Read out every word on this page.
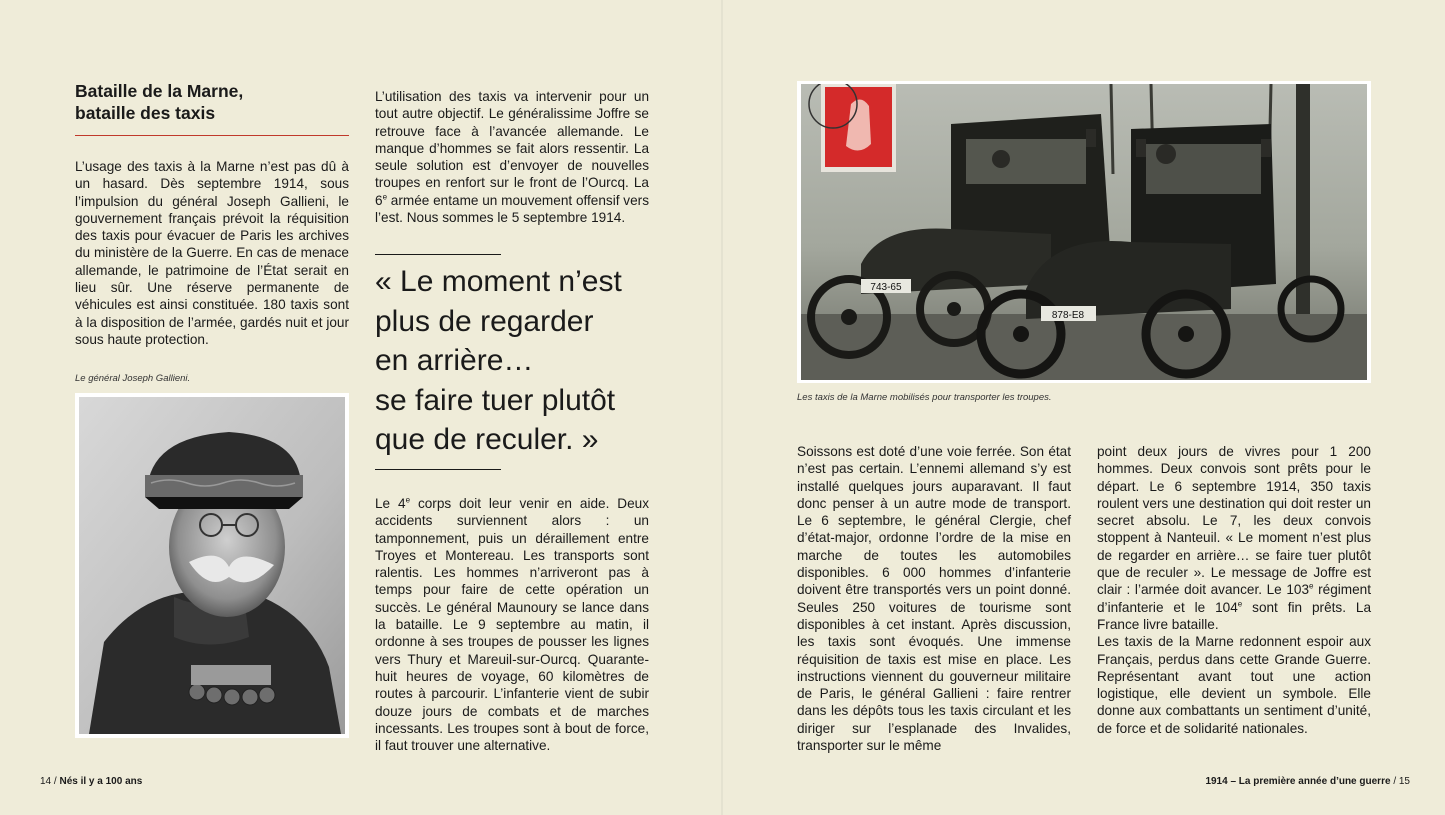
Bataille de la Marne,
bataille des taxis

L’usage des taxis à la Marne n’est pas dû à un hasard. Dès septembre 1914, sous l’impulsion du général Joseph Gallieni, le gouvernement français prévoit la réquisition des taxis pour évacuer de Paris les archives du ministère de la Guerre. En cas de menace allemande, le patrimoine de l’État serait en lieu sûr. Une réserve permanente de véhicules est ainsi constituée. 180 taxis sont à la disposition de l’armée, gardés nuit et jour sous haute protection.

Le général Joseph Gallieni.

L’utilisation des taxis va intervenir pour un tout autre objectif. Le généralissime Joffre se retrouve face à l’avancée allemande. Le manque d’hommes se fait alors ressentir. La seule solution est d’envoyer de nouvelles troupes en renfort sur le front de l’Ourcq. La 6e armée entame un mouvement offensif vers l’est. Nous sommes le 5 septembre 1914.

« Le moment n’est
plus de regarder
en arrière…
se faire tuer plutôt
que de reculer. »

Le 4e corps doit leur venir en aide. Deux accidents surviennent alors : un tamponnement, puis un déraillement entre Troyes et Montereau. Les transports sont ralentis. Les hommes n’arriveront pas à temps pour faire de cette opération un succès. Le général Maunoury se lance dans la bataille. Le 9 septembre au matin, il ordonne à ses troupes de pousser les lignes vers Thury et Mareuil-sur-Ourcq. Quarante-huit heures de voyage, 60 kilomètres de routes à parcourir. L’infanterie vient de subir douze jours de combats et de marches incessants. Les troupes sont à bout de force, il faut trouver une alternative.

14 / Nés il y a 100 ans
743-65
878-E8

Les taxis de la Marne mobilisés pour transporter les troupes.

Soissons est doté d’une voie ferrée. Son état n’est pas certain. L’ennemi allemand s’y est installé quelques jours auparavant. Il faut donc penser à un autre mode de transport. Le 6 septembre, le général Clergie, chef d’état-major, ordonne l’ordre de la mise en marche de toutes les automobiles disponibles. 6 000 hommes d’infanterie doivent être transportés vers un point donné. Seules 250 voitures de tourisme sont disponibles à cet instant. Après discussion, les taxis sont évoqués. Une immense réquisition de taxis est mise en place. Les instructions viennent du gouverneur militaire de Paris, le général Gallieni : faire rentrer dans les dépôts tous les taxis circulant et les diriger sur l’esplanade des Invalides, transporter sur le même

point deux jours de vivres pour 1 200 hommes. Deux convois sont prêts pour le départ. Le 6 septembre 1914, 350 taxis roulent vers une destination qui doit rester un secret absolu. Le 7, les deux convois stoppent à Nanteuil. « Le moment n’est plus de regarder en arrière… se faire tuer plutôt que de reculer ». Le message de Joffre est clair : l’armée doit avancer. Le 103e régiment d’infanterie et le 104e sont fin prêts. La France livre bataille.

Les taxis de la Marne redonnent espoir aux Français, perdus dans cette Grande Guerre. Représentant avant tout une action logistique, elle devient un symbole. Elle donne aux combattants un sentiment d’unité, de force et de solidarité nationales.

1914 – La première année d’une guerre / 15
